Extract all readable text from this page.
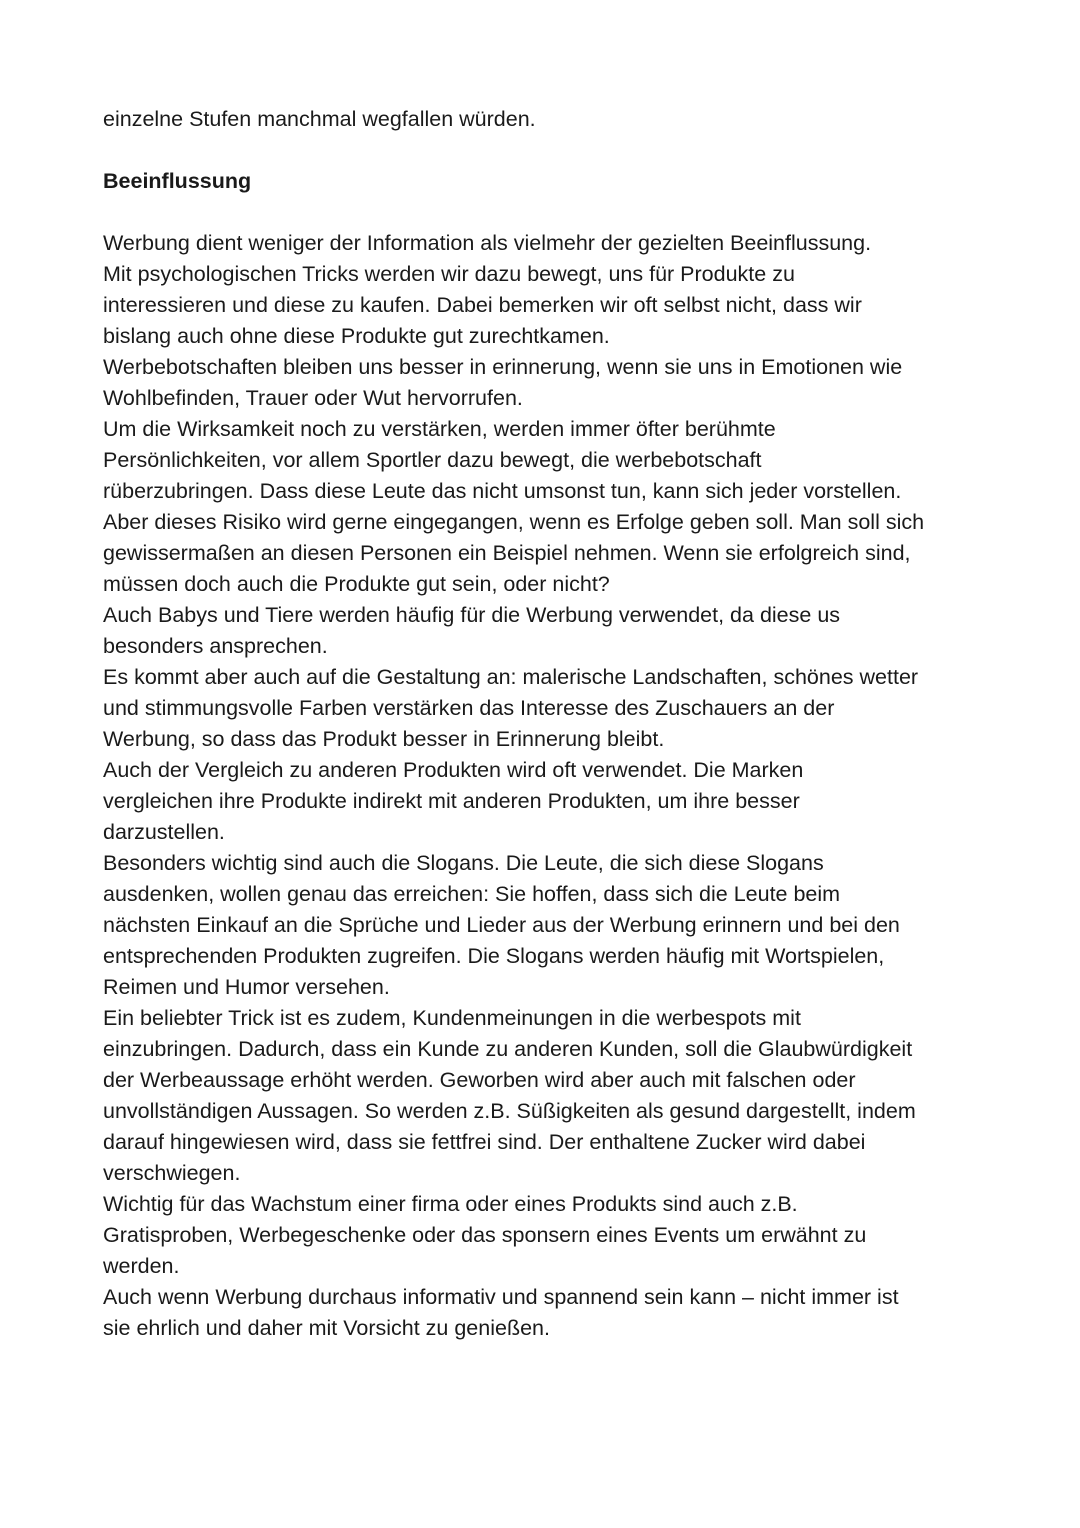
einzelne Stufen manchmal wegfallen würden.
Beeinflussung
Werbung dient weniger der Information als vielmehr der gezielten Beeinflussung.
Mit psychologischen Tricks werden wir dazu bewegt, uns für Produkte zu
interessieren und diese zu kaufen. Dabei bemerken wir oft selbst nicht, dass wir
bislang auch ohne diese Produkte gut zurechtkamen.
Werbebotschaften bleiben uns besser in erinnerung, wenn sie uns in Emotionen wie
Wohlbefinden, Trauer oder Wut hervorrufen.
Um die Wirksamkeit noch zu verstärken, werden immer öfter berühmte
Persönlichkeiten, vor allem Sportler dazu bewegt, die werbebotschaft
rüberzubringen. Dass diese Leute das nicht umsonst tun, kann sich jeder vorstellen.
Aber dieses Risiko wird gerne eingegangen, wenn es Erfolge geben soll. Man soll sich
gewissermaßen an diesen Personen ein Beispiel nehmen. Wenn sie erfolgreich sind,
müssen doch auch die Produkte gut sein, oder nicht?
Auch Babys und Tiere werden häufig für die Werbung verwendet, da diese us
besonders ansprechen.
Es kommt aber auch auf die Gestaltung an: malerische Landschaften, schönes wetter
und stimmungsvolle Farben verstärken das Interesse des Zuschauers an der
Werbung, so dass das Produkt besser in Erinnerung bleibt.
Auch der Vergleich zu anderen Produkten wird oft verwendet. Die Marken
vergleichen ihre Produkte indirekt mit anderen Produkten, um ihre besser
darzustellen.
Besonders wichtig sind auch die Slogans. Die Leute, die sich diese Slogans
ausdenken, wollen genau das erreichen: Sie hoffen, dass sich die Leute beim
nächsten Einkauf an die Sprüche und Lieder aus der Werbung erinnern und bei den
entsprechenden Produkten zugreifen. Die Slogans werden häufig mit Wortspielen,
Reimen und Humor versehen.
Ein beliebter Trick ist es zudem, Kundenmeinungen in die werbespots mit
einzubringen. Dadurch, dass ein Kunde zu anderen Kunden, soll die Glaubwürdigkeit
der Werbeaussage erhöht werden. Geworben wird aber auch mit falschen oder
unvollständigen Aussagen. So werden z.B. Süßigkeiten als gesund dargestellt, indem
darauf hingewiesen wird, dass sie fettfrei sind. Der enthaltene Zucker wird dabei
verschwiegen.
Wichtig für das Wachstum einer firma oder eines Produkts sind auch z.B.
Gratisproben, Werbegeschenke oder das sponsern eines Events um erwähnt zu
werden.
Auch wenn Werbung durchaus informativ und spannend sein kann – nicht immer ist
sie ehrlich und daher mit Vorsicht zu genießen.
